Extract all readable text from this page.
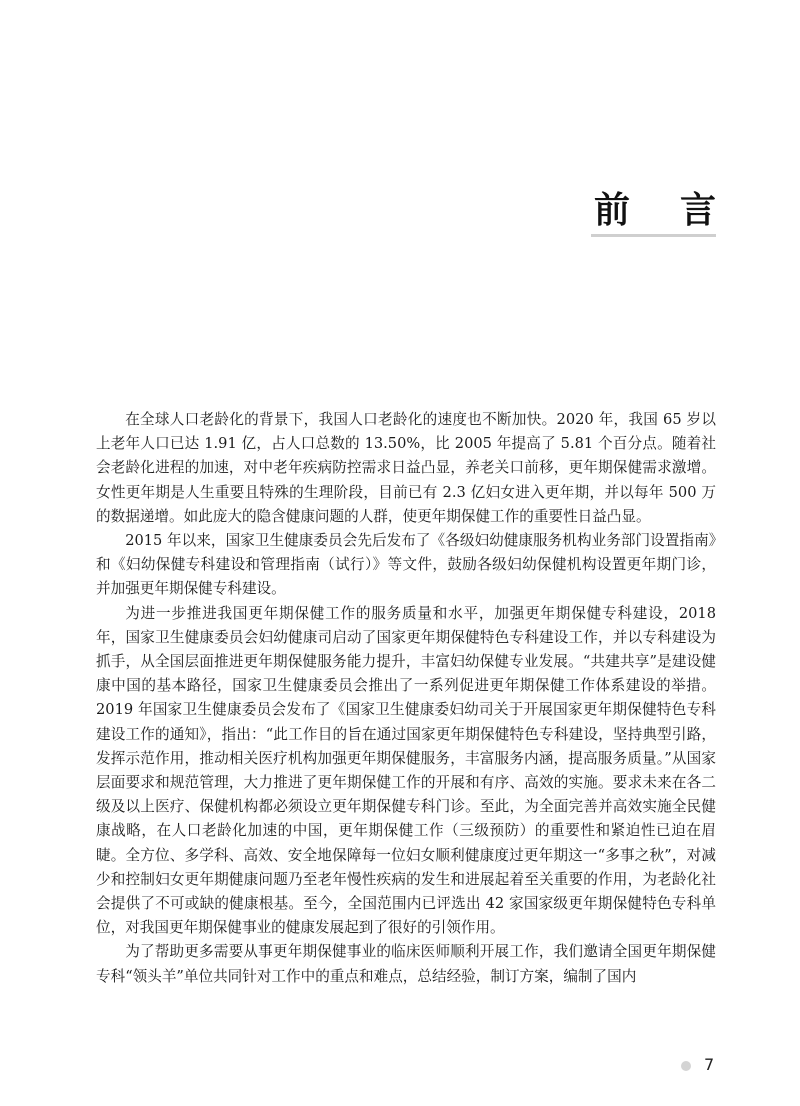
前 言

在全球人口老龄化的背景下，我国人口老龄化的速度也不断加快。2020 年，我国 65 岁以上老年人口已达 1.91 亿，占人口总数的 13.50%，比 2005 年提高了 5.81 个百分点。随着社会老龄化进程的加速，对中老年疾病防控需求日益凸显，养老关口前移，更年期保健需求激增。女性更年期是人生重要且特殊的生理阶段，目前已有 2.3 亿妇女进入更年期，并以每年 500 万的数据递增。如此庞大的隐含健康问题的人群，使更年期保健工作的重要性日益凸显。

2015 年以来，国家卫生健康委员会先后发布了《各级妇幼健康服务机构业务部门设置指南》和《妇幼保健专科建设和管理指南（试行）》等文件，鼓励各级妇幼保健机构设置更年期门诊，并加强更年期保健专科建设。

为进一步推进我国更年期保健工作的服务质量和水平，加强更年期保健专科建设，2018 年，国家卫生健康委员会妇幼健康司启动了国家更年期保健特色专科建设工作，并以专科建设为抓手，从全国层面推进更年期保健服务能力提升，丰富妇幼保健专业发展。“共建共享”是建设健康中国的基本路径，国家卫生健康委员会推出了一系列促进更年期保健工作体系建设的举措。2019 年国家卫生健康委员会发布了《国家卫生健康委妇幼司关于开展国家更年期保健特色专科建设工作的通知》，指出：“此工作目的旨在通过国家更年期保健特色专科建设，坚持典型引路，发挥示范作用，推动相关医疗机构加强更年期保健服务，丰富服务内涵，提高服务质量。”从国家层面要求和规范管理，大力推进了更年期保健工作的开展和有序、高效的实施。要求未来在各二级及以上医疗、保健机构都必须设立更年期保健专科门诊。至此，为全面完善并高效实施全民健康战略，在人口老龄化加速的中国，更年期保健工作（三级预防）的重要性和紧迫性已迫在眉睫。全方位、多学科、高效、安全地保障每一位妇女顺利健康度过更年期这一“多事之秋”，对减少和控制妇女更年期健康问题乃至老年慢性疾病的发生和进展起着至关重要的作用，为老龄化社会提供了不可或缺的健康根基。至今，全国范围内已评选出 42 家国家级更年期保健特色专科单位，对我国更年期保健事业的健康发展起到了很好的引领作用。

为了帮助更多需要从事更年期保健事业的临床医师顺利开展工作，我们邀请全国更年期保健专科“领头羊”单位共同针对工作中的重点和难点，总结经验，制订方案，编制了国内

7
